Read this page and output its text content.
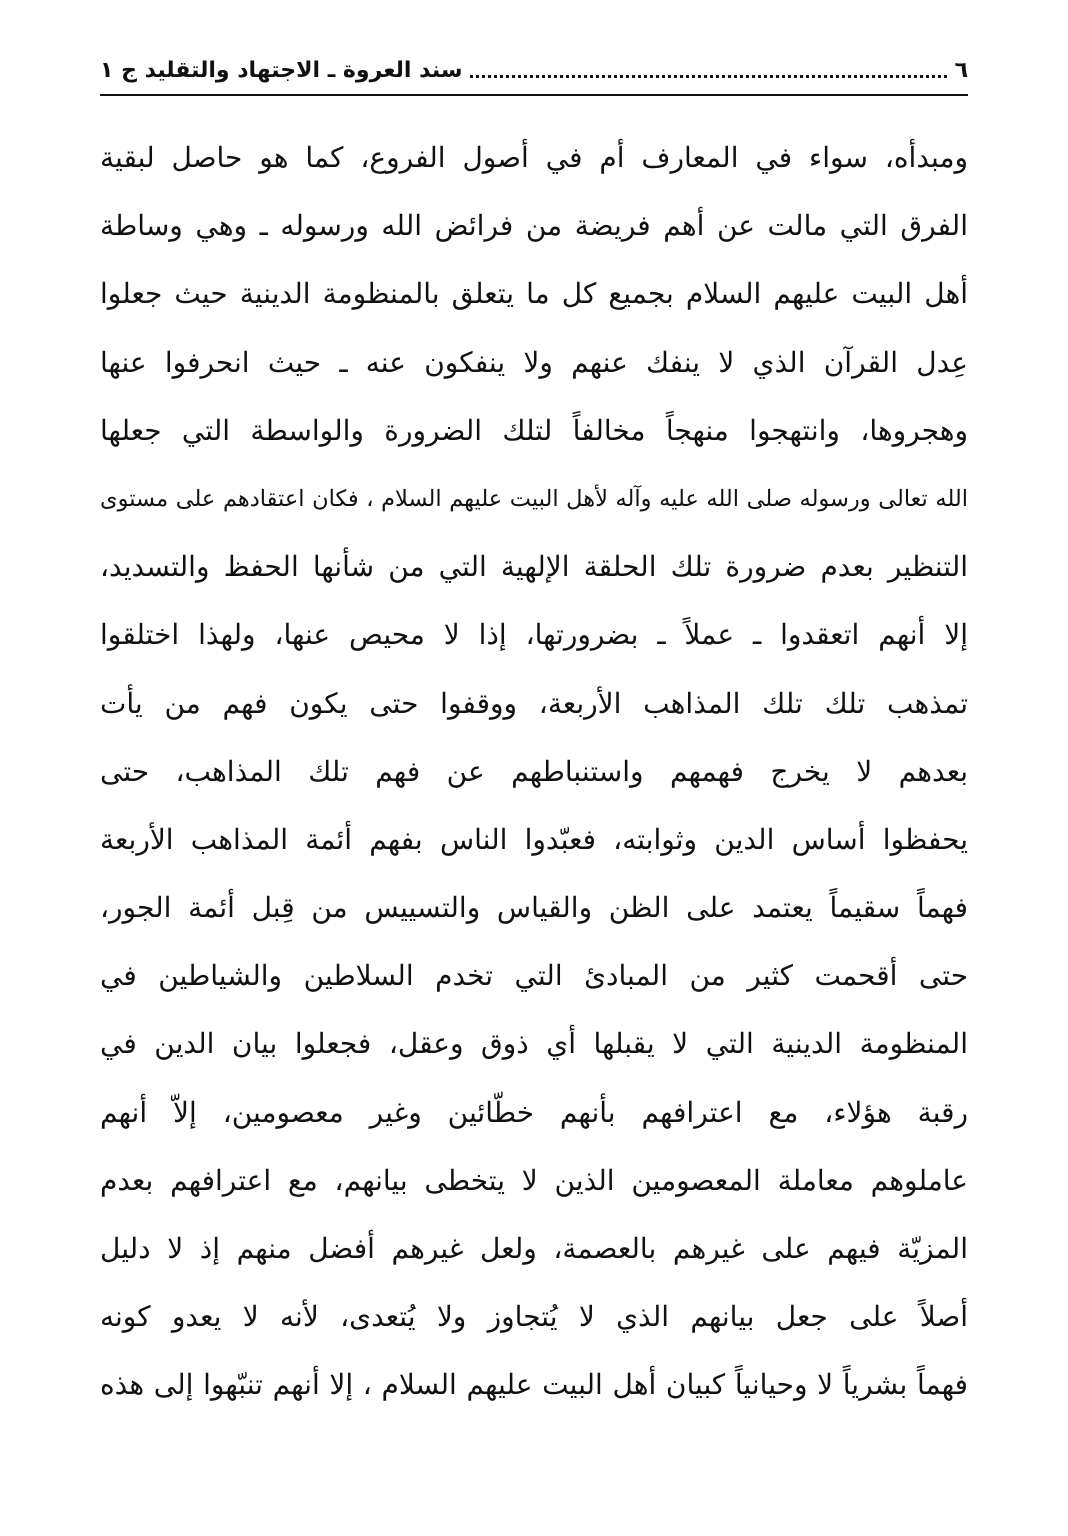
٦
سند العروة ـ الاجتهاد والتقليد ج ١
ومبدأه، سواء في المعارف أم في أصول الفروع، كما هو حاصل لبقية
الفرق التي مالت عن أهم فريضة من فرائض الله ورسوله ـ وهي وساطة
أهل البيت عليهم السلام بجميع كل ما يتعلق بالمنظومة الدينية حيث جعلوا
عِدل القرآن الذي لا ينفك عنهم ولا ينفكون عنه ـ حيث انحرفوا عنها
وهجروها، وانتهجوا منهجاً مخالفاً لتلك الضرورة والواسطة التي جعلها
الله تعالى ورسوله صلى الله عليه وآله لأهل البيت عليهم السلام ، فكان اعتقادهم على مستوى
التنظير بعدم ضرورة تلك الحلقة الإلهية التي من شأنها الحفظ والتسديد،
إلا أنهم اتعقدوا ـ عملاً ـ بضرورتها، إذا لا محيص عنها، ولهذا اختلقوا
تمذهب تلك تلك المذاهب الأربعة، ووقفوا حتى يكون فهم من يأت
بعدهم لا يخرج فهمهم واستنباطهم عن فهم تلك المذاهب، حتى
يحفظوا أساس الدين وثوابته، فعبّدوا الناس بفهم أئمة المذاهب الأربعة
فهماً سقيماً يعتمد على الظن والقياس والتسييس من قِبل أئمة الجور،
حتى أقحمت كثير من المبادئ التي تخدم السلاطين والشياطين في
المنظومة الدينية التي لا يقبلها أي ذوق وعقل، فجعلوا بيان الدين في
رقبة هؤلاء، مع اعترافهم بأنهم خطّائين وغير معصومين، إلاّ أنهم
عاملوهم معاملة المعصومين الذين لا يتخطى بيانهم، مع اعترافهم بعدم
المزيّة فيهم على غيرهم بالعصمة، ولعل غيرهم أفضل منهم إذ لا دليل
أصلاً على جعل بيانهم الذي لا يُتجاوز ولا يُتعدى، لأنه لا يعدو كونه
فهماً بشرياً لا وحيانياً كبيان أهل البيت عليهم السلام ، إلا أنهم تنبّهوا إلى هذه
